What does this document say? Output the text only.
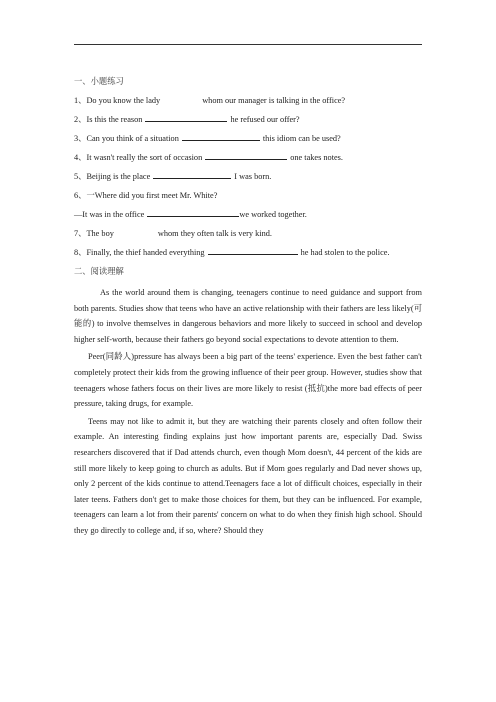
一、小题练习

1、Do you know the lady	whom our manager is talking in the office?

2、Is this the reason	he refused our offer?

3、Can you think of a situation	this idiom can be used?

4、It wasn't really the sort of occasion	one takes notes.

5、Beijing is the place	I was born.

6、一Where did you first meet Mr. White?

—It was in the office	we worked together.

7、The boy	whom they often talk is very kind.

8、Finally, the thief handed everything	he had stolen to the police.

二、阅读理解

As the world around them is changing, teenagers continue to need guidance and support from both parents. Studies show that teens who have an active relationship with their fathers are less likely(可能的) to involve themselves in dangerous behaviors and more likely to succeed in school and develop higher self-worth, because their fathers go beyond social expectations to devote attention to them.

Peer(同龄人)pressure has always been a big part of the teens' experience. Even the best father can't completely protect their kids from the growing influence of their peer group. However, studies show that teenagers whose fathers focus on their lives are more likely to resist (抵抗)the more bad effects of peer pressure, taking drugs, for example.

Teens may not like to admit it, but they are watching their parents closely and often follow their example. An interesting finding explains just how important parents are, especially Dad. Swiss researchers discovered that if Dad attends church, even though Mom doesn't, 44 percent of the kids are still more likely to keep going to church as adults. But if Mom goes regularly and Dad never shows up, only 2 percent of the kids continue to attend.Teenagers face a lot of difficult choices, especially in their later teens. Fathers don't get to make those choices for them, but they can be influenced. For example, teenagers can learn a lot from their parents' concern on what to do when they finish high school. Should they go directly to college and, if so, where? Should they
